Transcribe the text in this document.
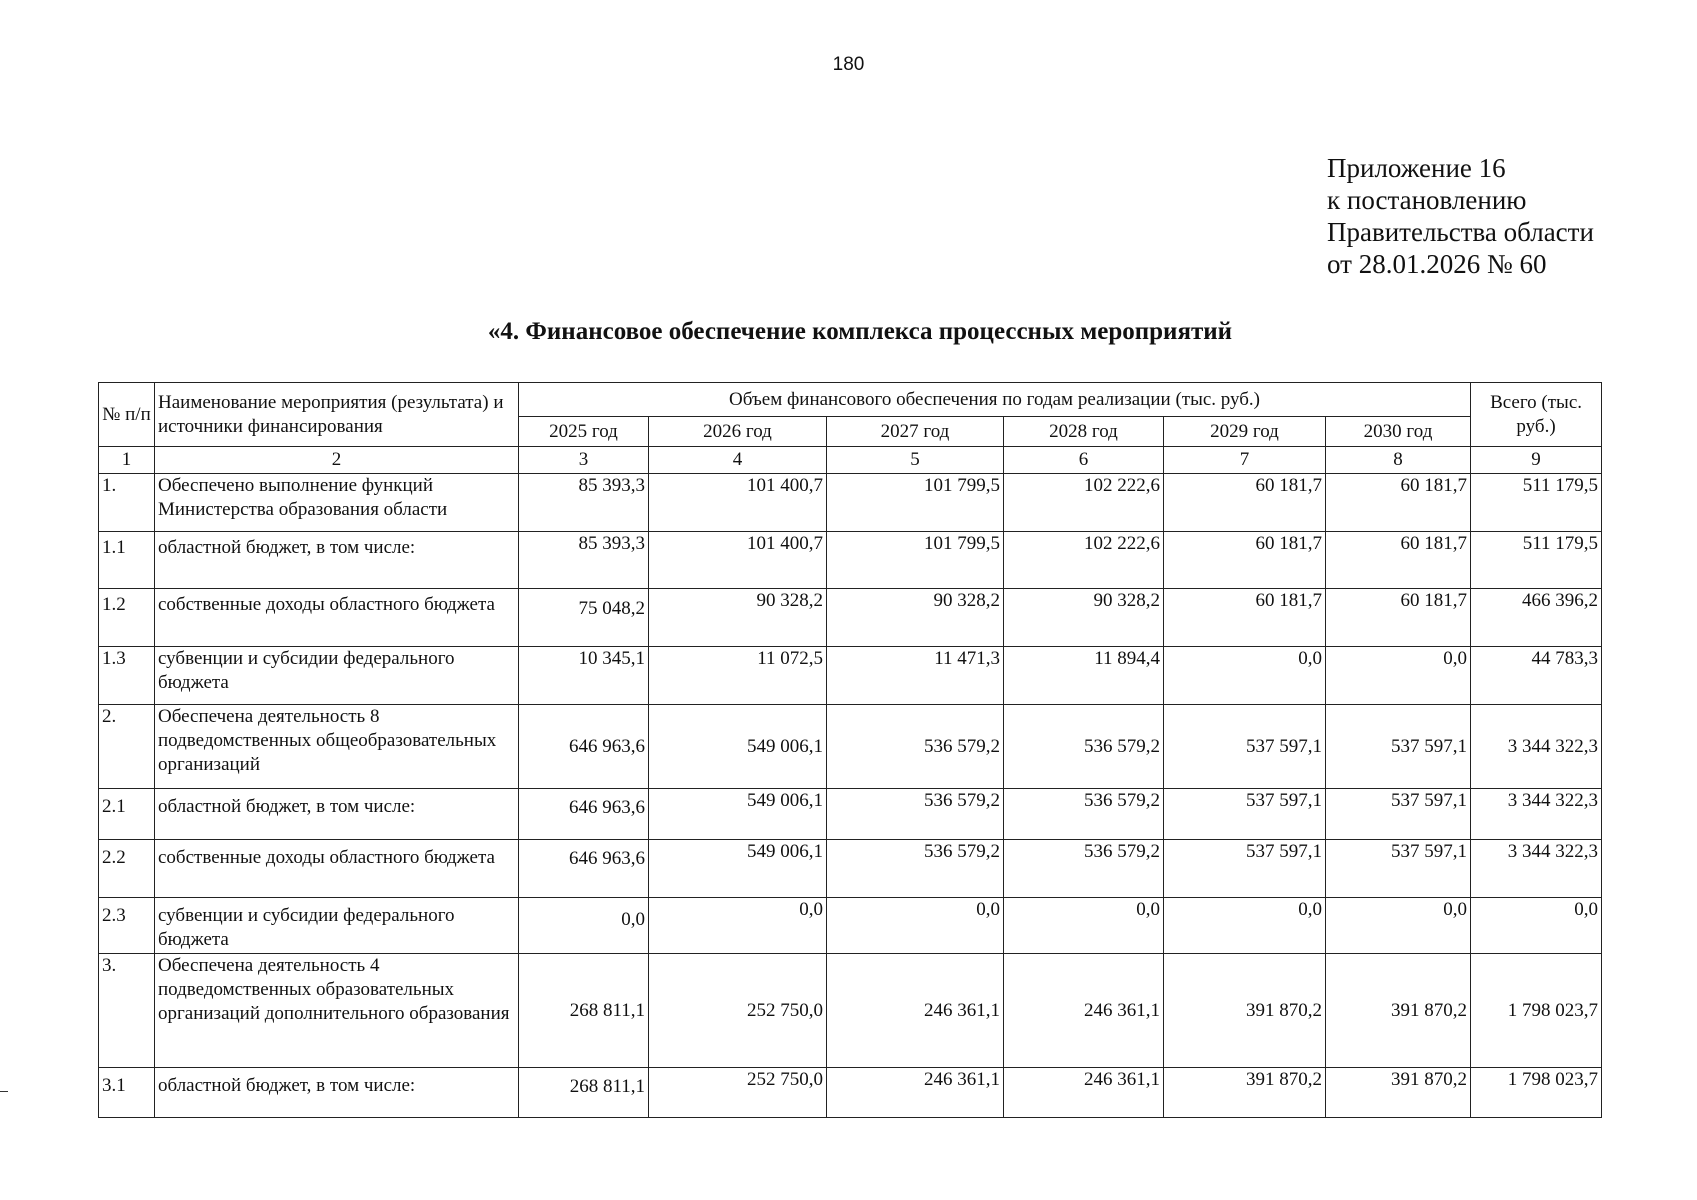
180
Приложение 16
к постановлению
Правительства области
от 28.01.2026 № 60
«4. Финансовое обеспечение комплекса процессных мероприятий
№ п/п	Наименование мероприятия (результата) и источники финансирования	Объем финансового обеспечения по годам реализации (тыс. руб.)						Всего (тыс. руб.)
		2025 год	2026 год	2027 год	2028 год	2029 год	2030 год	
1	2	3	4	5	6	7	8	9
1.	Обеспечено выполнение функций Министерства образования области	85 393,3	101 400,7	101 799,5	102 222,6	60 181,7	60 181,7	511 179,5
1.1	областной бюджет, в том числе:	85 393,3	101 400,7	101 799,5	102 222,6	60 181,7	60 181,7	511 179,5
1.2	собственные доходы областного бюджета	75 048,2	90 328,2	90 328,2	90 328,2	60 181,7	60 181,7	466 396,2
1.3	субвенции и субсидии федерального бюджета	10 345,1	11 072,5	11 471,3	11 894,4	0,0	0,0	44 783,3
2.	Обеспечена деятельность 8 подведомственных общеобразовательных организаций	646 963,6	549 006,1	536 579,2	536 579,2	537 597,1	537 597,1	3 344 322,3
2.1	областной бюджет, в том числе:	646 963,6	549 006,1	536 579,2	536 579,2	537 597,1	537 597,1	3 344 322,3
2.2	собственные доходы областного бюджета	646 963,6	549 006,1	536 579,2	536 579,2	537 597,1	537 597,1	3 344 322,3
2.3	субвенции и субсидии федерального бюджета	0,0	0,0	0,0	0,0	0,0	0,0	0,0
3.	Обеспечена деятельность 4 подведомственных образовательных организаций дополнительного образования	268 811,1	252 750,0	246 361,1	246 361,1	391 870,2	391 870,2	1 798 023,7
3.1	областной бюджет, в том числе:	268 811,1	252 750,0	246 361,1	246 361,1	391 870,2	391 870,2	1 798 023,7
